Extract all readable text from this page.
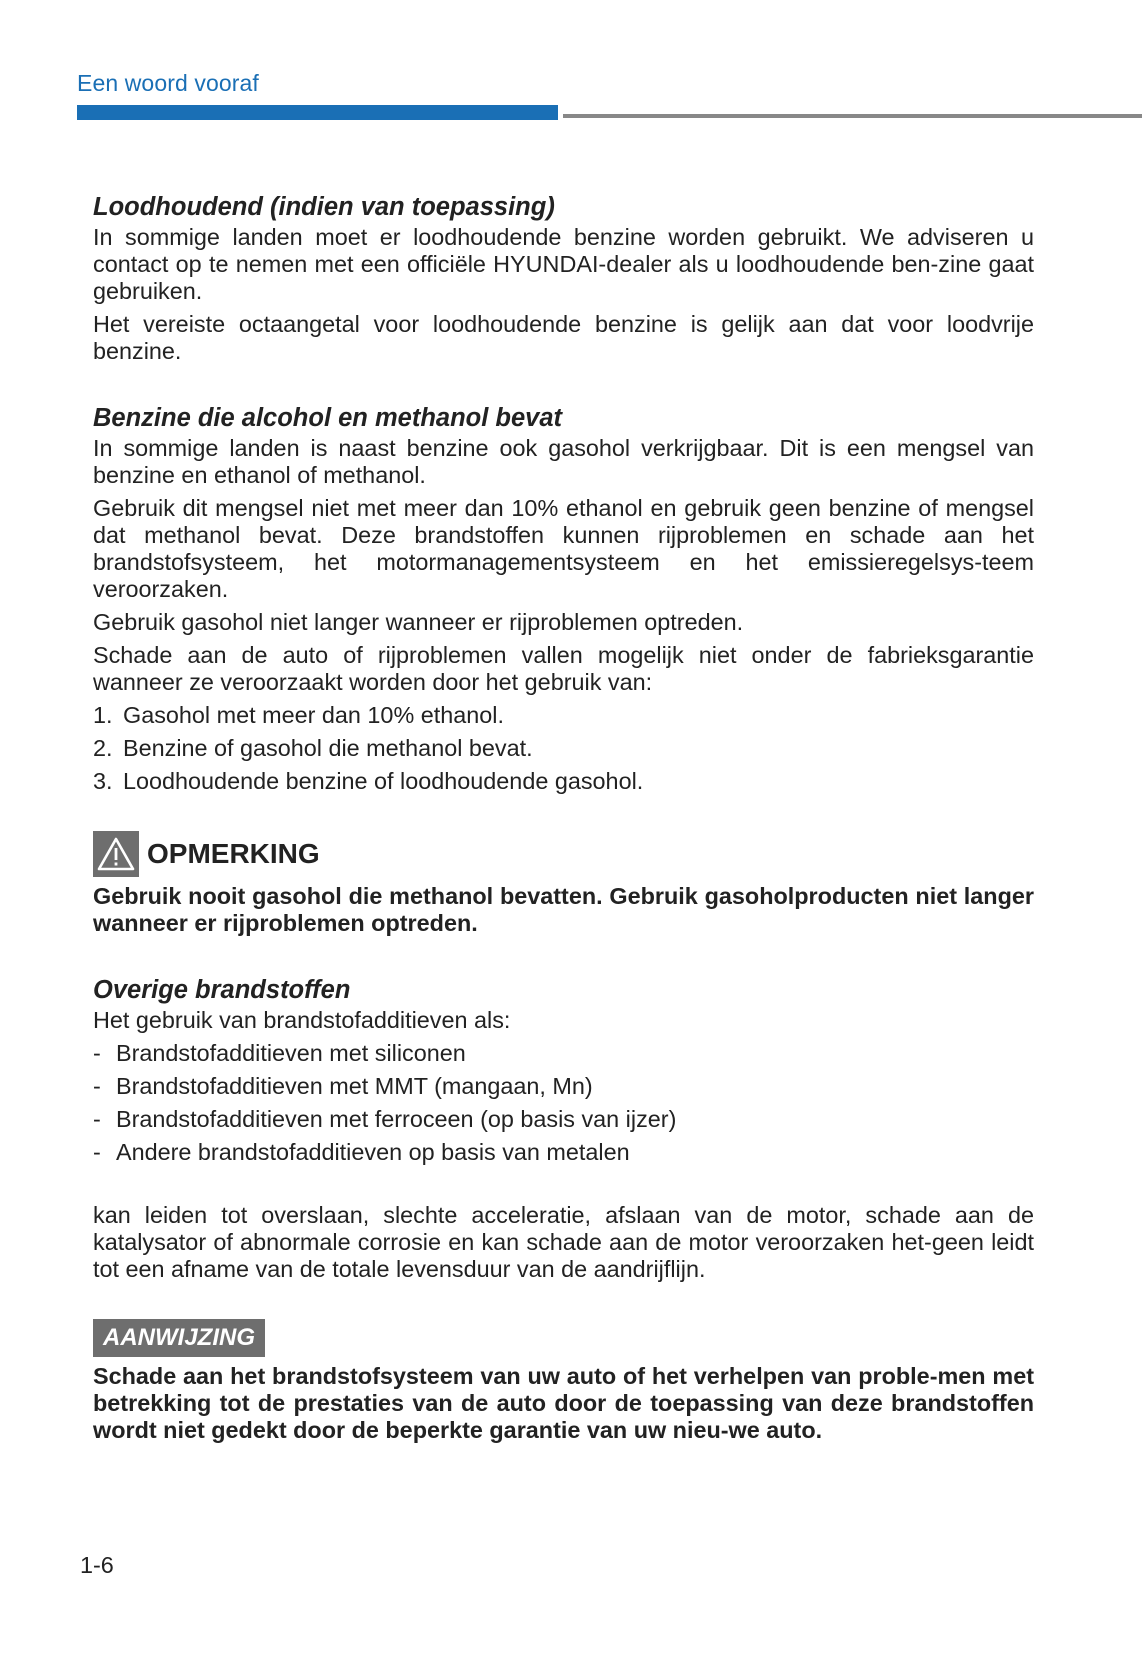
Een woord vooraf
Loodhoudend (indien van toepassing)

In sommige landen moet er loodhoudende benzine worden gebruikt. We adviseren u contact op te nemen met een officiële HYUNDAI-dealer als u loodhoudende ben-zine gaat gebruiken.

Het vereiste octaangetal voor loodhoudende benzine is gelijk aan dat voor loodvrije benzine.

Benzine die alcohol en methanol bevat

In sommige landen is naast benzine ook gasohol verkrijgbaar. Dit is een mengsel van benzine en ethanol of methanol.

Gebruik dit mengsel niet met meer dan 10% ethanol en gebruik geen benzine of mengsel dat methanol bevat. Deze brandstoffen kunnen rijproblemen en schade aan het brandstofsysteem, het motormanagementsysteem en het emissieregelsys-teem veroorzaken.

Gebruik gasohol niet langer wanneer er rijproblemen optreden.

Schade aan de auto of rijproblemen vallen mogelijk niet onder de fabrieksgarantie wanneer ze veroorzaakt worden door het gebruik van:

1. Gasohol met meer dan 10% ethanol.
2. Benzine of gasohol die methanol bevat.
3. Loodhoudende benzine of loodhoudende gasohol.
OPMERKING

Gebruik nooit gasohol die methanol bevatten. Gebruik gasoholproducten niet langer wanneer er rijproblemen optreden.

Overige brandstoffen

Het gebruik van brandstofadditieven als:

- Brandstofadditieven met siliconen
- Brandstofadditieven met MMT (mangaan, Mn)
- Brandstofadditieven met ferroceen (op basis van ijzer)
- Andere brandstofadditieven op basis van metalen

kan leiden tot overslaan, slechte acceleratie, afslaan van de motor, schade aan de katalysator of abnormale corrosie en kan schade aan de motor veroorzaken het-geen leidt tot een afname van de totale levensduur van de aandrijflijn.

AANWIJZING

Schade aan het brandstofsysteem van uw auto of het verhelpen van proble-men met betrekking tot de prestaties van de auto door de toepassing van deze brandstoffen wordt niet gedekt door de beperkte garantie van uw nieu-we auto.

1-6
